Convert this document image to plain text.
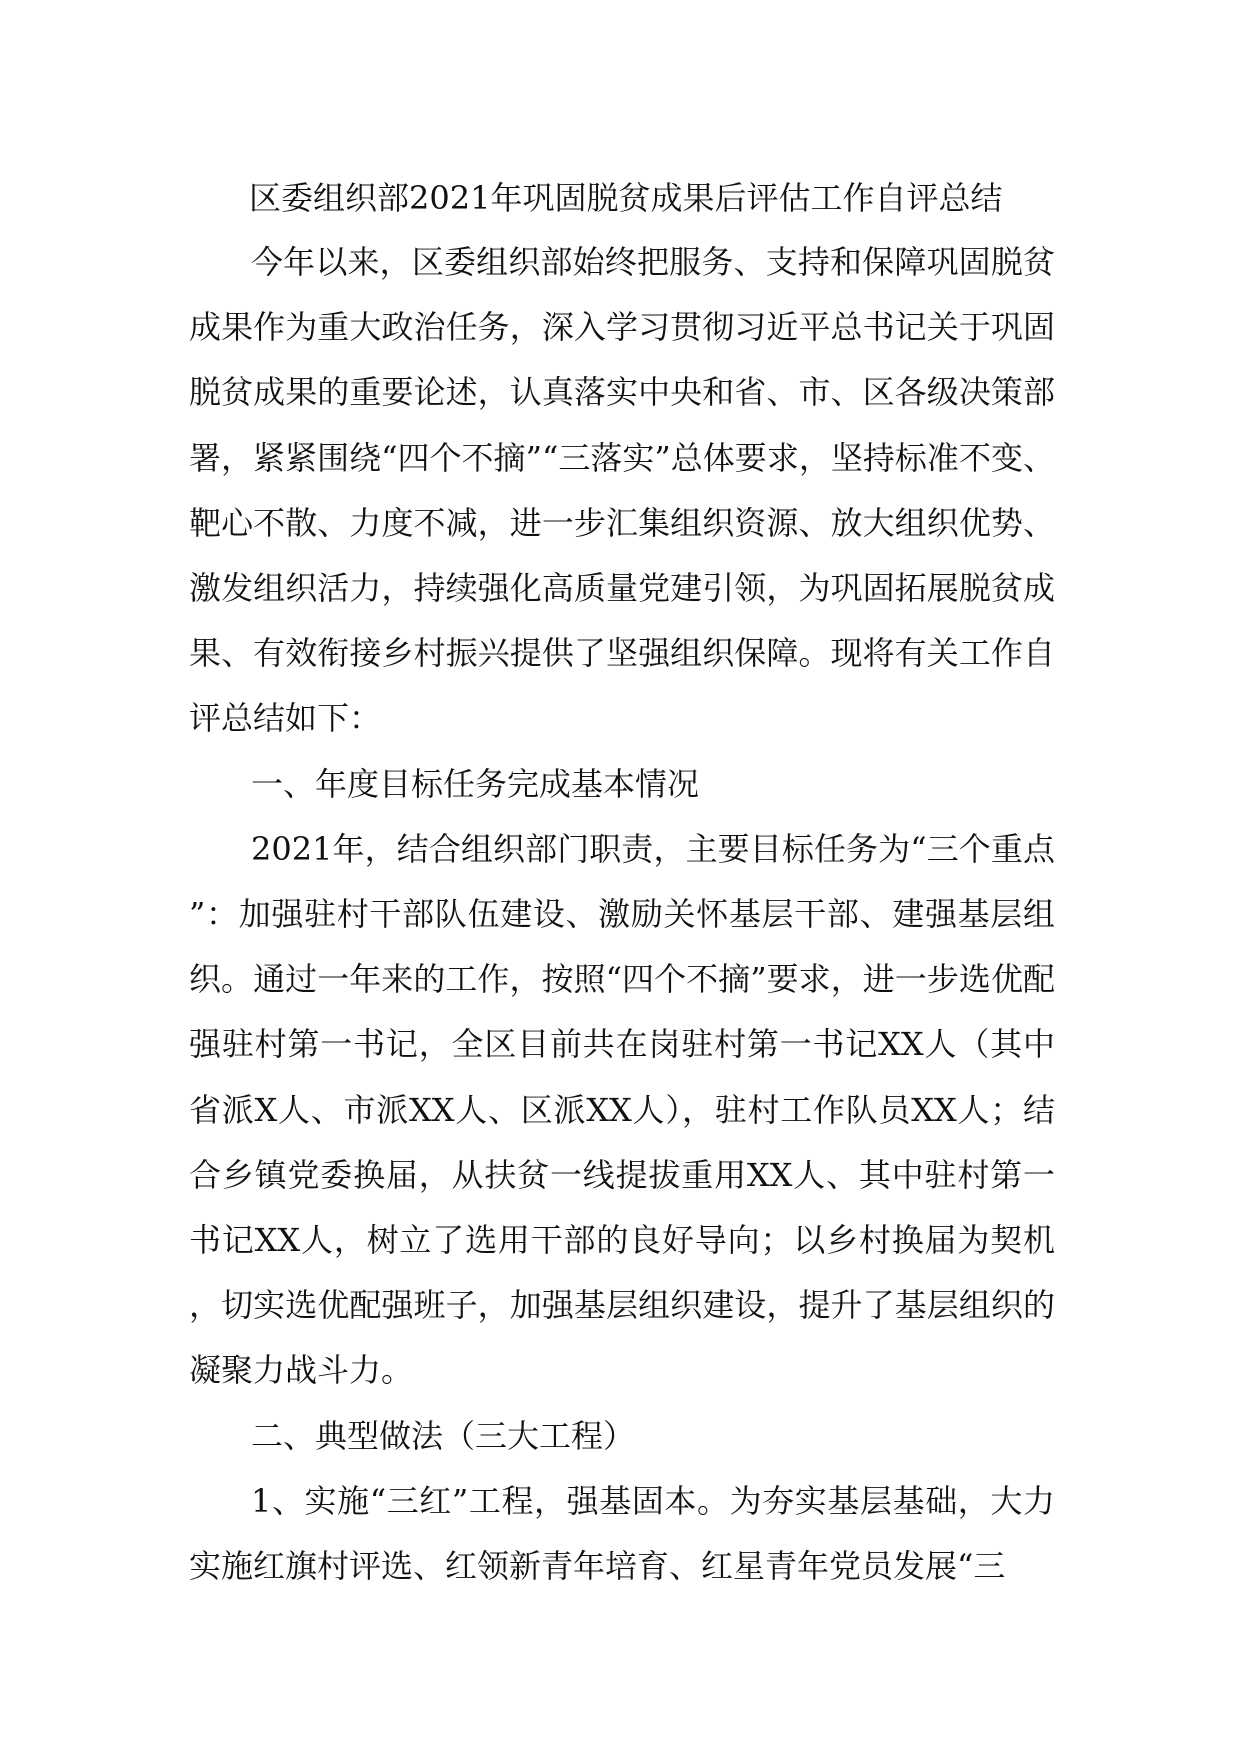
区委组织部2021年巩固脱贫成果后评估工作自评总结

今年以来，区委组织部始终把服务、支持和保障巩固脱贫成果作为重大政治任务，深入学习贯彻习近平总书记关于巩固脱贫成果的重要论述，认真落实中央和省、市、区各级决策部署，紧紧围绕“四个不摘”“三落实”总体要求，坚持标准不变、靶心不散、力度不减，进一步汇集组织资源、放大组织优势、激发组织活力，持续强化高质量党建引领，为巩固拓展脱贫成果、有效衔接乡村振兴提供了坚强组织保障。现将有关工作自评总结如下：

一、年度目标任务完成基本情况

2021年，结合组织部门职责，主要目标任务为“三个重点”：加强驻村干部队伍建设、激励关怀基层干部、建强基层组织。通过一年来的工作，按照“四个不摘”要求，进一步选优配强驻村第一书记，全区目前共在岗驻村第一书记XX人（其中省派X人、市派XX人、区派XX人），驻村工作队员XX人；结合乡镇党委换届，从扶贫一线提拔重用XX人、其中驻村第一书记XX人，树立了选用干部的良好导向；以乡村换届为契机，切实选优配强班子，加强基层组织建设，提升了基层组织的凝聚力战斗力。

二、典型做法（三大工程）

1、实施“三红”工程，强基固本。为夯实基层基础，大力实施红旗村评选、红领新青年培育、红星青年党员发展“三
